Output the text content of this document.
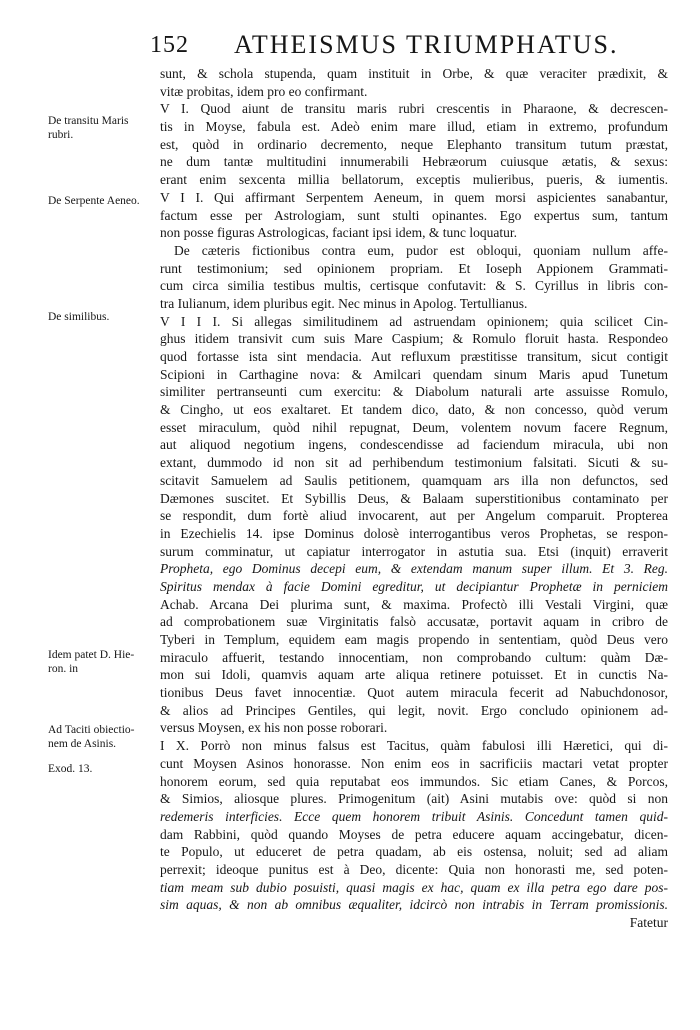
152 ATHEISMUS TRIUMPHATUS.
De transitu Maris
rubri.
De Serpente Aeneo.
De similibus.
Idem patet D. Hie-
ron. in
Ad Taciti obiectio-
nem de Asinis.
Exod. 13.
sunt, & schola stupenda, quam instituit in Orbe, & quæ veraciter prædixit, &
vitæ probitas, idem pro eo confirmant.
V I. Quod aiunt de transitu maris rubri crescentis in Pharaone, & decrescen-
tis in Moyse, fabula est. Adeò enim mare illud, etiam in extremo, profundum
est, quòd in ordinario decremento, neque Elephanto transitum tutum præstat,
ne dum tantæ multitudini innumerabili Hebræorum cuiusque ætatis, & sexus:
erant enim sexcenta millia bellatorum, exceptis mulieribus, pueris, & iumentis.
V I I. Qui affirmant Serpentem Aeneum, in quem morsi aspicientes sanabantur,
factum esse per Astrologiam, sunt stulti opinantes. Ego expertus sum, tantum
non posse figuras Astrologicas, faciant ipsi idem, & tunc loquatur.
De cæteris fictionibus contra eum, pudor est obloqui, quoniam nullum affe-
runt testimonium; sed opinionem propriam. Et Ioseph Appionem Grammati-
cum circa similia testibus multis, certisque confutavit: & S. Cyrillus in libris con-
tra Iulianum, idem pluribus egit. Nec minus in Apolog. Tertullianus.
V I I I. Si allegas similitudinem ad astruendam opinionem; quia scilicet Cin-
ghus itidem transivit cum suis Mare Caspium; & Romulo floruit hasta. Respondeo
quod fortasse ista sint mendacia. Aut refluxum præstitisse transitum, sicut contigit
Scipioni in Carthagine nova: & Amilcari quendam sinum Maris apud Tunetum
similiter pertranseunti cum exercitu: & Diabolum naturali arte assuisse Romulo,
& Cingho, ut eos exaltaret. Et tandem dico, dato, & non concesso, quòd verum
esset miraculum, quòd nihil repugnat, Deum, volentem novum facere Regnum,
aut aliquod negotium ingens, condescendisse ad faciendum miracula, ubi non
extant, dummodo id non sit ad perhibendum testimonium falsitati. Sicuti & su-
scitavit Samuelem ad Saulis petitionem, quamquam ars illa non defunctos, sed
Dæmones suscitet. Et Sybillis Deus, & Balaam superstitionibus contaminato per
se respondit, dum fortè aliud invocarent, aut per Angelum comparuit. Propterea
in Ezechielis 14. ipse Dominus dolosè interrogantibus veros Prophetas, se respon-
surum comminatur, ut capiatur interrogator in astutia sua. Etsi (inquit) erraverit
Propheta, ego Dominus decepi eum, & extendam manum super illum. Et 3. Reg.
Spiritus mendax à facie Domini egreditur, ut decipiantur Prophetæ in perniciem
Achab. Arcana Dei plurima sunt, & maxima. Profectò illi Vestali Virgini, quæ
ad comprobationem suæ Virginitatis falsò accusatæ, portavit aquam in cribro de
Tyberi in Templum, equidem eam magis propendo in sententiam, quòd Deus vero
miraculo affuerit, testando innocentiam, non comprobando cultum: quàm Dæ-
mon sui Idoli, quamvis aquam arte aliqua retinere potuisset. Et in cunctis Na-
tionibus Deus favet innocentiæ. Quot autem miracula fecerit ad Nabuchdonosor,
& alios ad Principes Gentiles, qui legit, novit. Ergo concludo opinionem ad-
versus Moysen, ex his non posse roborari.
I X. Porrò non minus falsus est Tacitus, quàm fabulosi illi Hæretici, qui di-
cunt Moysen Asinos honorasse. Non enim eos in sacrificiis mactari vetat propter
honorem eorum, sed quia reputabat eos immundos. Sic etiam Canes, & Porcos,
& Simios, aliosque plures. Primogenitum (ait) Asini mutabis ove: quòd si non
redemeris interficies. Ecce quem honorem tribuit Asinis. Concedunt tamen quid-
dam Rabbini, quòd quando Moyses de petra educere aquam accingebatur, dicen-
te Populo, ut educeret de petra quadam, ab eis ostensa, noluit; sed ad aliam
perrexit; ideoque punitus est à Deo, dicente: Quia non honorasti me, sed poten-
tiam meam sub dubio posuisti, quasi magis ex hac, quam ex illa petra ego dare pos-
sim aquas, & non ab omnibus æqualiter, idcircò non intrabis in Terram promissionis.
Fatetur
